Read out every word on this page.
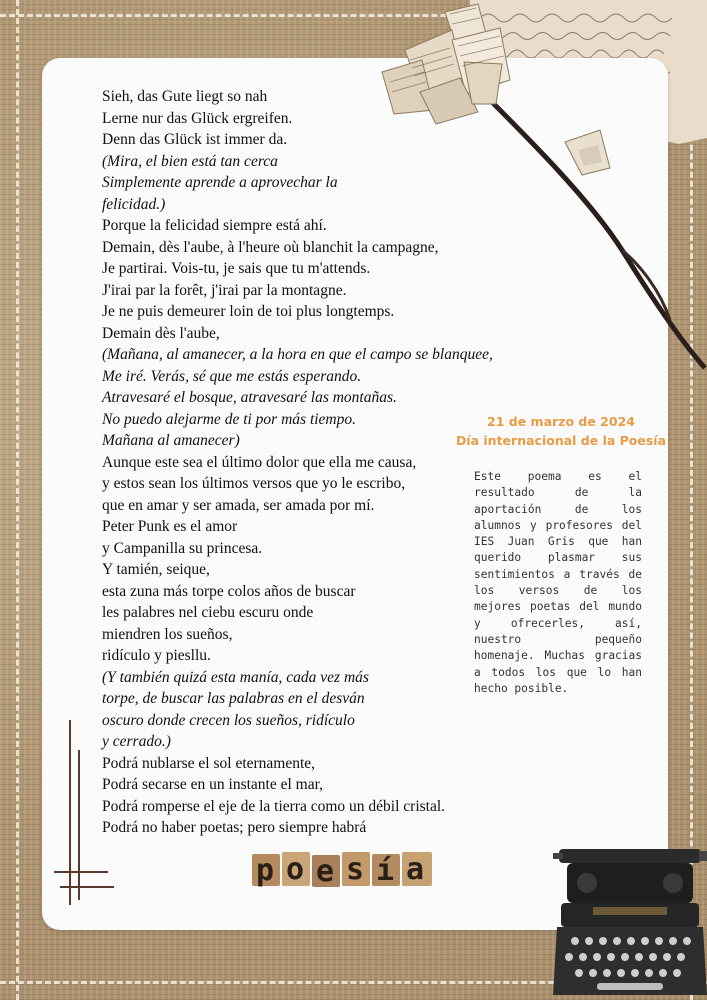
Sieh, das Gute liegt so nah
Lerne nur das Glück ergreifen.
Denn das Glück ist immer da.
(Mira, el bien está tan cerca
Simplemente aprende a aprovechar la
felicidad.)
Porque la felicidad siempre está ahí.
Demain, dès l'aube, à l'heure où blanchit la campagne,
Je partirai. Vois-tu, je sais que tu m'attends.
J'irai par la forêt, j'irai par la montagne.
Je ne puis demeurer loin de toi plus longtemps.
Demain dès l'aube,
(Mañana, al amanecer, a la hora en que el campo se blanquee,
Me iré. Verás, sé que me estás esperando.
Atravesaré el bosque, atravesaré las montañas.
No puedo alejarme de ti por más tiempo.
Mañana al amanecer)
Aunque este sea el último dolor que ella me causa,
y estos sean los últimos versos que yo le escribo,
que en amar y ser amada, ser amada por mí.
Peter Punk es el amor
y Campanilla su princesa.
Y tamién, seique,
esta zuna más torpe colos años de buscar
les palabres nel ciebu escuru onde
miendren los sueños,
ridículo y piesllu.
(Y también quizá esta manía, cada vez más
torpe, de buscar las palabras en el desván
oscuro donde crecen los sueños, ridículo
y cerrado.)
Podrá nublarse el sol eternamente,
Podrá secarse en un instante el mar,
Podrá romperse el eje de la tierra como un débil cristal.
Podrá no haber poetas; pero siempre habrá
21 de marzo de 2024
Día internacional de la Poesía
Este poema es el resultado de la aportación de los alumnos y profesores del IES Juan Gris que han querido plasmar sus sentimientos a través de los versos de los mejores poetas del mundo y ofrecerles, así, nuestro pequeño homenaje. Muchas gracias a todos los que lo han hecho posible.
p o e s í a
